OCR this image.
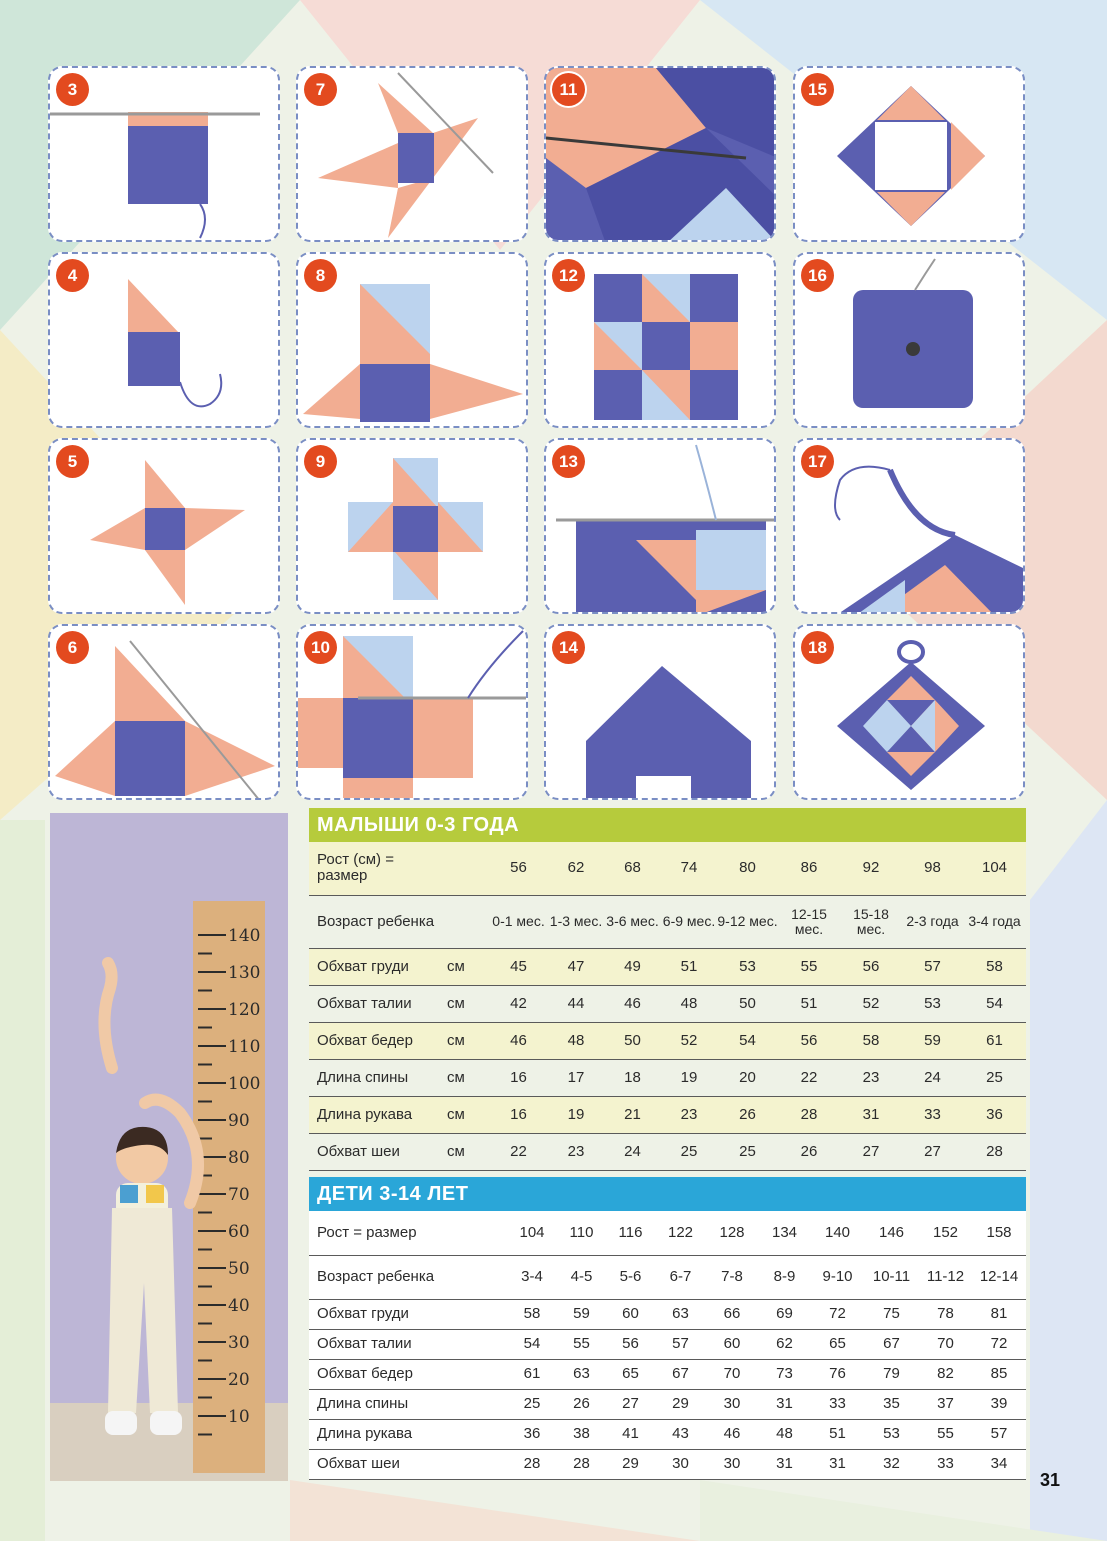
3	7	11	15
4	8	12	16
5	9	13	17
6	10	14	18
140
130
120
110
100
90
80
70
60
50
40
30
20
10
МАЛЫШИ 0-3 ГОДА
Рост (см) = размер		56	62	68	74	80	86	92	98	104
Возраст ребенка		0-1 мес.	1-3 мес.	3-6 мес.	6-9 мес.	9-12 мес.	12-15 мес.	15-18 мес.	2-3 года	3-4 года
Обхват груди	см	45	47	49	51	53	55	56	57	58
Обхват талии	см	42	44	46	48	50	51	52	53	54
Обхват бедер	см	46	48	50	52	54	56	58	59	61
Длина спины	см	16	17	18	19	20	22	23	24	25
Длина рукава	см	16	19	21	23	26	28	31	33	36
Обхват шеи	см	22	23	24	25	25	26	27	27	28
ДЕТИ 3-14 ЛЕТ
Рост = размер	104	110	116	122	128	134	140	146	152	158
Возраст ребенка	3-4	4-5	5-6	6-7	7-8	8-9	9-10	10-11	11-12	12-14
Обхват груди	58	59	60	63	66	69	72	75	78	81
Обхват талии	54	55	56	57	60	62	65	67	70	72
Обхват бедер	61	63	65	67	70	73	76	79	82	85
Длина спины	25	26	27	29	30	31	33	35	37	39
Длина рукава	36	38	41	43	46	48	51	53	55	57
Обхват шеи	28	28	29	30	30	31	31	32	33	34
31
